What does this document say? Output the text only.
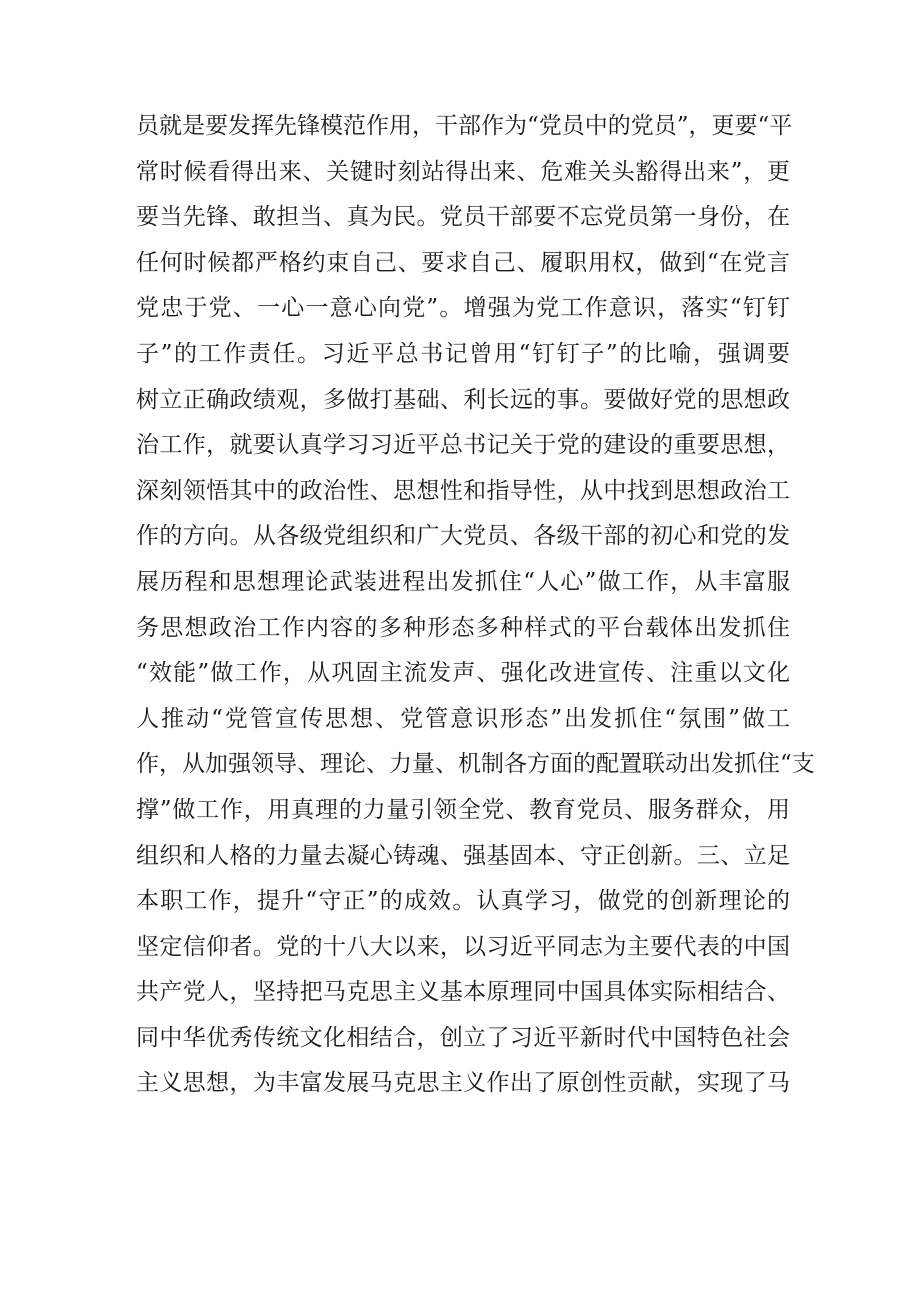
员就是要发挥先锋模范作用，干部作为“党员中的党员”，更要“平
常时候看得出来、关键时刻站得出来、危难关头豁得出来”，更
要当先锋、敢担当、真为民。党员干部要不忘党员第一身份，在
任何时候都严格约束自己、要求自己、履职用权，做到“在党言
党忠于党、一心一意心向党”。增强为党工作意识，落实“钉钉
子”的工作责任。习近平总书记曾用“钉钉子”的比喻，强调要
树立正确政绩观，多做打基础、利长远的事。要做好党的思想政
治工作，就要认真学习习近平总书记关于党的建设的重要思想，
深刻领悟其中的政治性、思想性和指导性，从中找到思想政治工
作的方向。从各级党组织和广大党员、各级干部的初心和党的发
展历程和思想理论武装进程出发抓住“人心”做工作，从丰富服
务思想政治工作内容的多种形态多种样式的平台载体出发抓住
“效能”做工作，从巩固主流发声、强化改进宣传、注重以文化
人推动“党管宣传思想、党管意识形态”出发抓住“氛围”做工
作，从加强领导、理论、力量、机制各方面的配置联动出发抓住“支
撑”做工作，用真理的力量引领全党、教育党员、服务群众，用
组织和人格的力量去凝心铸魂、强基固本、守正创新。三、立足
本职工作，提升“守正”的成效。认真学习，做党的创新理论的
坚定信仰者。党的十八大以来，以习近平同志为主要代表的中国
共产党人，坚持把马克思主义基本原理同中国具体实际相结合、
同中华优秀传统文化相结合，创立了习近平新时代中国特色社会
主义思想，为丰富发展马克思主义作出了原创性贡献，实现了马
